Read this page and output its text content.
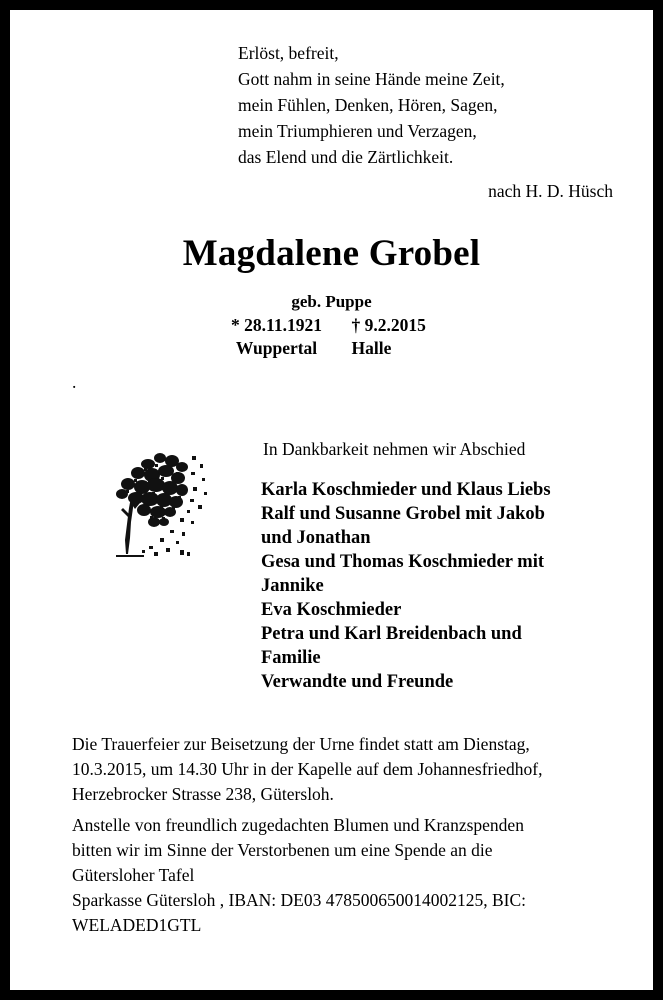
Erlöst, befreit,
Gott nahm in seine Hände meine Zeit,
mein Fühlen, Denken, Hören, Sagen,
mein Triumphieren und Verzagen,
das Elend und die Zärtlichkeit.
nach H. D. Hüsch
Magdalene Grobel
geb. Puppe
* 28.11.1921 † 9.2.2015
Wuppertal Halle
.
In Dankbarkeit nehmen wir Abschied
Karla Koschmieder und Klaus Liebs
Ralf und Susanne Grobel mit Jakob
und Jonathan
Gesa und Thomas Koschmieder mit
Jannike
Eva Koschmieder
Petra und Karl Breidenbach und
Familie
Verwandte und Freunde
Die Trauerfeier zur Beisetzung der Urne findet statt am Dienstag,
10.3.2015, um 14.30 Uhr in der Kapelle auf dem Johannesfriedhof,
Herzebrocker Strasse 238, Gütersloh.
Anstelle von freundlich zugedachten Blumen und Kranzspenden
bitten wir im Sinne der Verstorbenen um eine Spende an die
Gütersloher Tafel
Sparkasse Gütersloh , IBAN: DE03 478500650014002125, BIC:
WELADED1GTL
